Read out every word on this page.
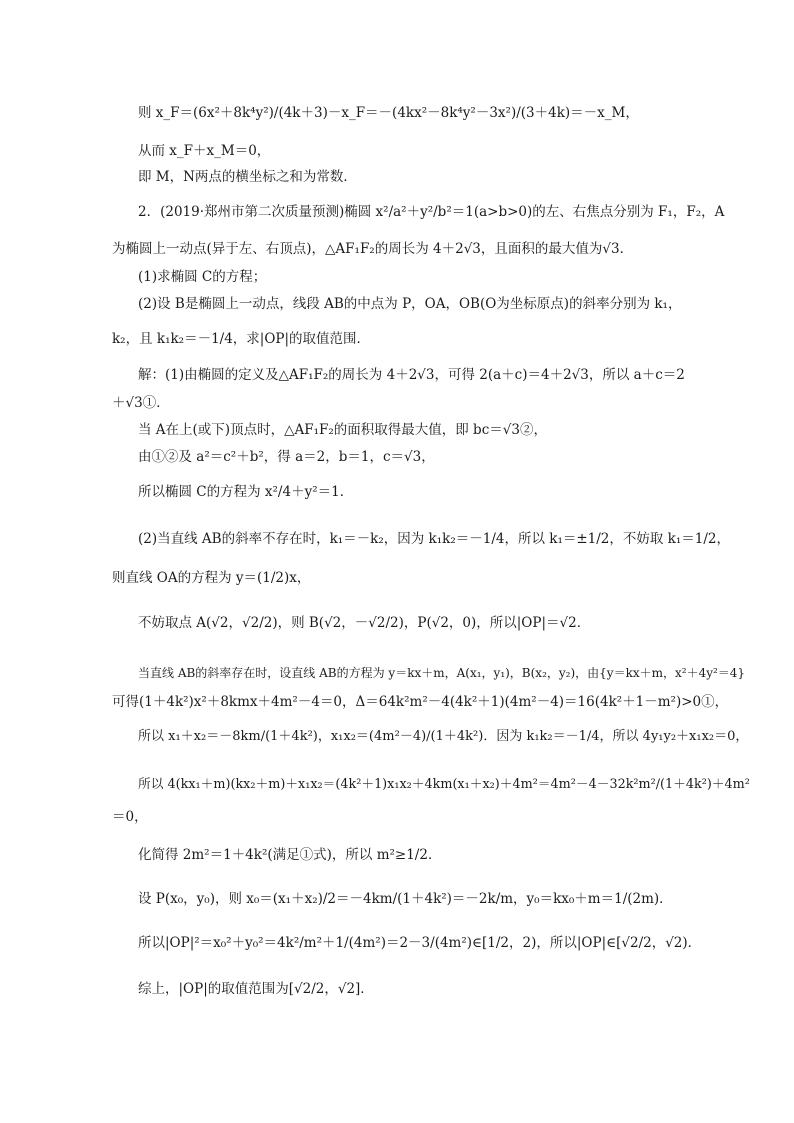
则 x_F＝(6x²＋8k⁴y²)/(4k＋3)－x_F＝－(4kx²－8k⁴y²－3x²)/(3＋4k)＝－x_M，
从而 x_F＋x_M＝0，
即 M，N两点的横坐标之和为常数．
2．(2019·郑州市第二次质量预测)椭圆 x²/a²＋y²/b²＝1(a>b>0)的左、右焦点分别为 F₁，F₂，A
为椭圆上一动点(异于左、右顶点)，△AF₁F₂的周长为 4＋2√3，且面积的最大值为√3．
(1)求椭圆 C的方程；
(2)设 B是椭圆上一动点，线段 AB的中点为 P，OA，OB(O为坐标原点)的斜率分别为 k₁，
k₂，且 k₁k₂＝－1/4，求|OP|的取值范围．
解：(1)由椭圆的定义及△AF₁F₂的周长为 4＋2√3，可得 2(a＋c)＝4＋2√3，所以 a＋c＝2
＋√3①．
当 A在上(或下)顶点时，△AF₁F₂的面积取得最大值，即 bc＝√3②，
由①②及 a²＝c²＋b²，得 a＝2，b＝1，c＝√3，
所以椭圆 C的方程为 x²/4＋y²＝1．
(2)当直线 AB的斜率不存在时，k₁＝－k₂，因为 k₁k₂＝－1/4，所以 k₁＝±1/2，不妨取 k₁＝1/2，
则直线 OA的方程为 y＝(1/2)x，
不妨取点 A(√2，√2/2)，则 B(√2，－√2/2)，P(√2，0)，所以|OP|＝√2．
当直线 AB的斜率存在时，设直线 AB的方程为 y＝kx＋m，A(x₁，y₁)，B(x₂，y₂)，由{y＝kx＋m，x²＋4y²＝4}
可得(1＋4k²)x²＋8kmx＋4m²－4＝0，Δ＝64k²m²－4(4k²＋1)(4m²－4)＝16(4k²＋1－m²)>0①，
所以 x₁＋x₂＝－8km/(1＋4k²)，x₁x₂＝(4m²－4)/(1＋4k²)．因为 k₁k₂＝－1/4，所以 4y₁y₂＋x₁x₂＝0，
所以 4(kx₁＋m)(kx₂＋m)＋x₁x₂＝(4k²＋1)x₁x₂＋4km(x₁＋x₂)＋4m²＝4m²－4－32k²m²/(1＋4k²)＋4m²
＝0，
化简得 2m²＝1＋4k²(满足①式)，所以 m²≥1/2．
设 P(x₀，y₀)，则 x₀＝(x₁＋x₂)/2＝－4km/(1＋4k²)＝－2k/m，y₀＝kx₀＋m＝1/(2m)．
所以|OP|²＝x₀²＋y₀²＝4k²/m²＋1/(4m²)＝2－3/(4m²)∈[1/2，2)，所以|OP|∈[√2/2，√2)．
综上，|OP|的取值范围为[√2/2，√2]．
